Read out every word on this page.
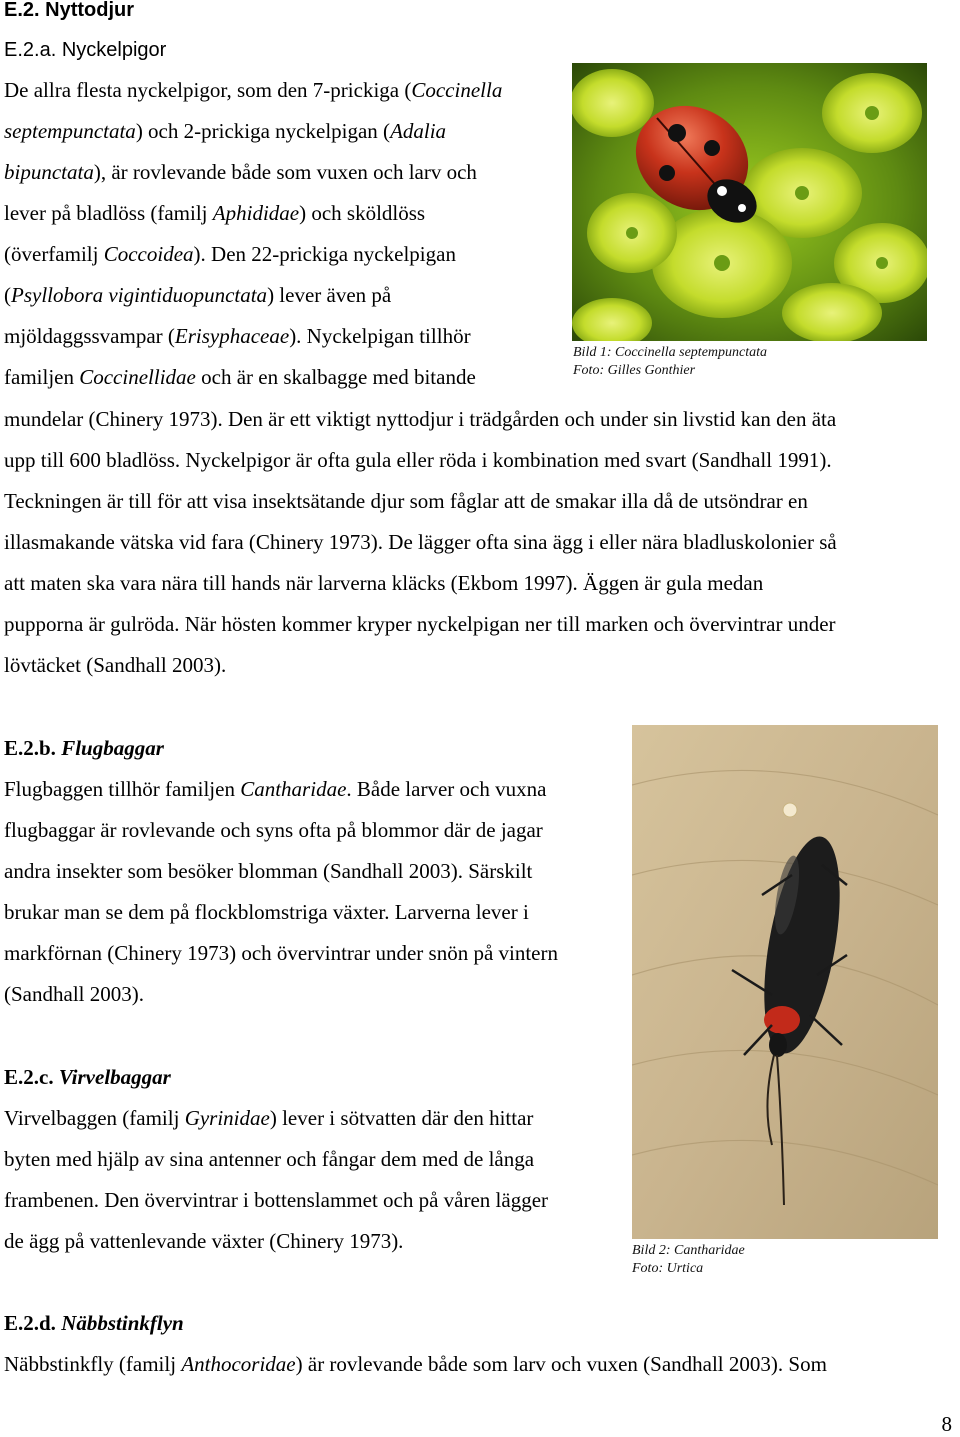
E.2. Nyttodjur
E.2.a. Nyckelpigor
De allra flesta nyckelpigor, som den 7-prickiga (Coccinella
septempunctata) och 2-prickiga nyckelpigan (Adalia
bipunctata), är rovlevande både som vuxen och larv och
lever på bladlöss (familj Aphididae) och sköldlöss
(överfamilj Coccoidea). Den 22-prickiga nyckelpigan
(Psyllobora vigintiduopunctata) lever även på
mjöldaggssvampar (Erisyphaceae). Nyckelpigan tillhör
familjen Coccinellidae och är en skalbagge med bitande
mundelar (Chinery 1973). Den är ett viktigt nyttodjur i trädgården och under sin livstid kan den äta
upp till 600 bladlöss. Nyckelpigor är ofta gula eller röda i kombination med svart (Sandhall 1991).
Teckningen är till för att visa insektsätande djur som fåglar att de smakar illa då de utsöndrar en
illasmakande vätska vid fara (Chinery 1973). De lägger ofta sina ägg i eller nära bladluskolonier så
att maten ska vara nära till hands när larverna kläcks (Ekbom 1997). Äggen är gula medan
pupporna är gulröda. När hösten kommer kryper nyckelpigan ner till marken och övervintrar under
lövtäcket (Sandhall 2003).
Bild 1: Coccinella septempunctata
Foto: Gilles Gonthier
E.2.b. Flugbaggar
Flugbaggen tillhör familjen Cantharidae. Både larver och vuxna
flugbaggar är rovlevande och syns ofta på blommor där de jagar
andra insekter som besöker blomman (Sandhall 2003). Särskilt
brukar man se dem på flockblomstriga växter. Larverna lever i
markförnan (Chinery 1973) och övervintrar under snön på vintern
(Sandhall 2003).
Bild 2: Cantharidae
Foto: Urtica
E.2.c. Virvelbaggar
Virvelbaggen (familj Gyrinidae) lever i sötvatten där den hittar
byten med hjälp av sina antenner och fångar dem med de långa
frambenen. Den övervintrar i bottenslammet och på våren lägger
de ägg på vattenlevande växter (Chinery 1973).
E.2.d. Näbbstinkflyn
Näbbstinkfly (familj Anthocoridae) är rovlevande både som larv och vuxen (Sandhall 2003). Som
8
